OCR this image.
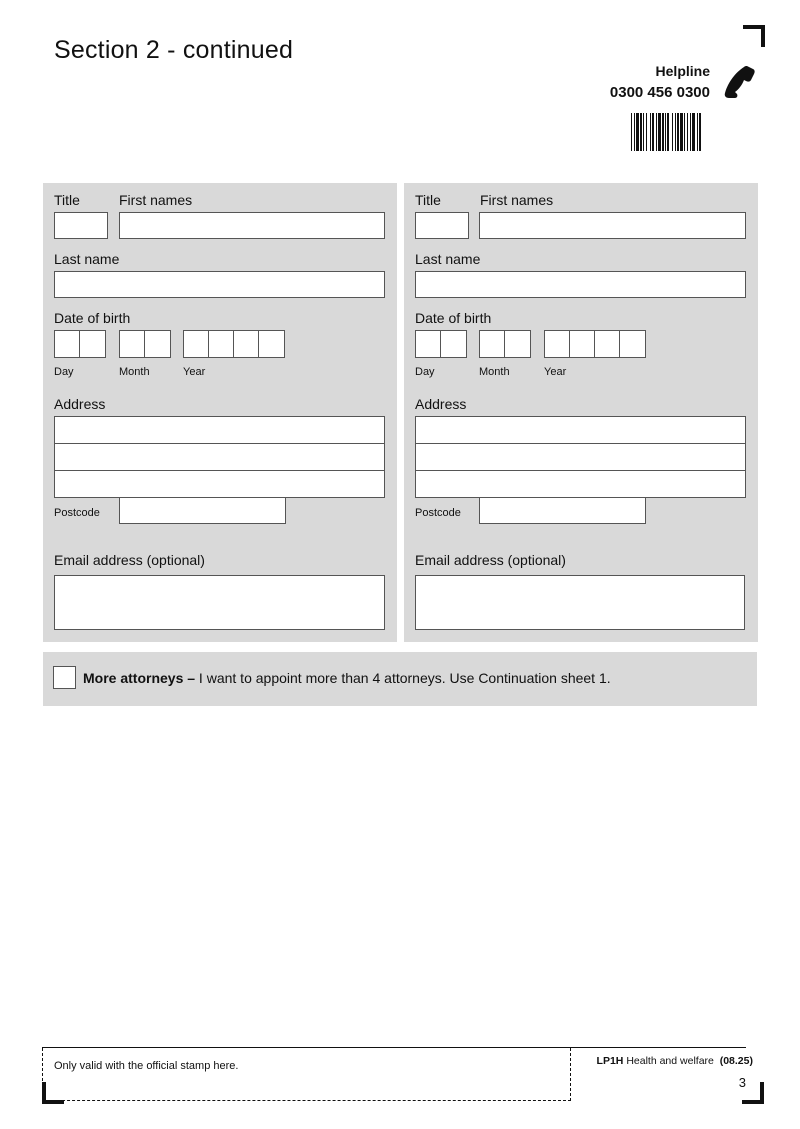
Section 2 - continued
Helpline
0300 456 0300
Title	First names
Last name
Date of birth
Day	Month	Year
Address
Postcode
Email address (optional)
Title	First names
Last name
Date of birth
Day	Month	Year
Address
Postcode
Email address (optional)
More attorneys – I want to appoint more than 4 attorneys. Use Continuation sheet 1.
Only valid with the official stamp here.	LP1H Health and welfare (08.25)
3
